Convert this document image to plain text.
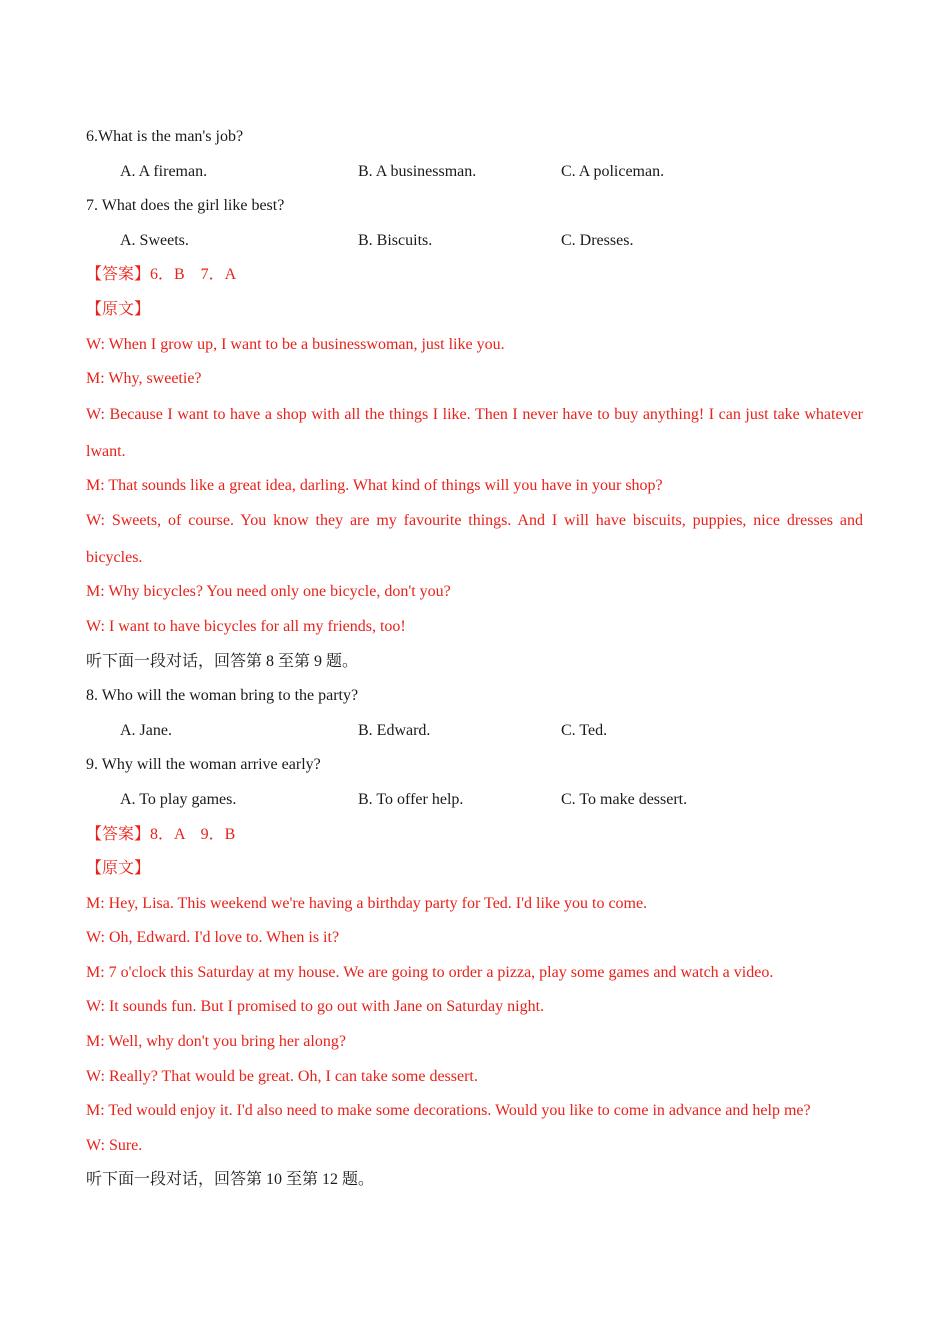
6.What is the man's job?
A. A fireman.	B. A businessman.	C. A policeman.
7. What does the girl like best?
A. Sweets.	B. Biscuits.	C. Dresses.
【答案】6．B　7．A
【原文】
W: When I grow up, I want to be a businesswoman, just like you.
M: Why, sweetie?
W: Because I want to have a shop with all the things I like. Then I never have to buy anything! I can just take whatever lwant.
M: That sounds like a great idea, darling. What kind of things will you have in your shop?
W: Sweets, of course. You know they are my favourite things. And I will have biscuits, puppies, nice dresses and bicycles.
M: Why bicycles? You need only one bicycle, don't you?
W: I want to have bicycles for all my friends, too!
听下面一段对话，回答第 8 至第 9 题。
8. Who will the woman bring to the party?
A. Jane.	B. Edward.	C. Ted.
9. Why will the woman arrive early?
A. To play games.	B. To offer help.	C. To make dessert.
【答案】8．A　9．B
【原文】
M: Hey, Lisa. This weekend we're having a birthday party for Ted. I'd like you to come.
W: Oh, Edward. I'd love to. When is it?
M: 7 o'clock this Saturday at my house. We are going to order a pizza, play some games and watch a video.
W: It sounds fun. But I promised to go out with Jane on Saturday night.
M: Well, why don't you bring her along?
W: Really? That would be great. Oh, I can take some dessert.
M: Ted would enjoy it. I'd also need to make some decorations. Would you like to come in advance and help me?
W: Sure.
听下面一段对话，回答第 10 至第 12 题。
